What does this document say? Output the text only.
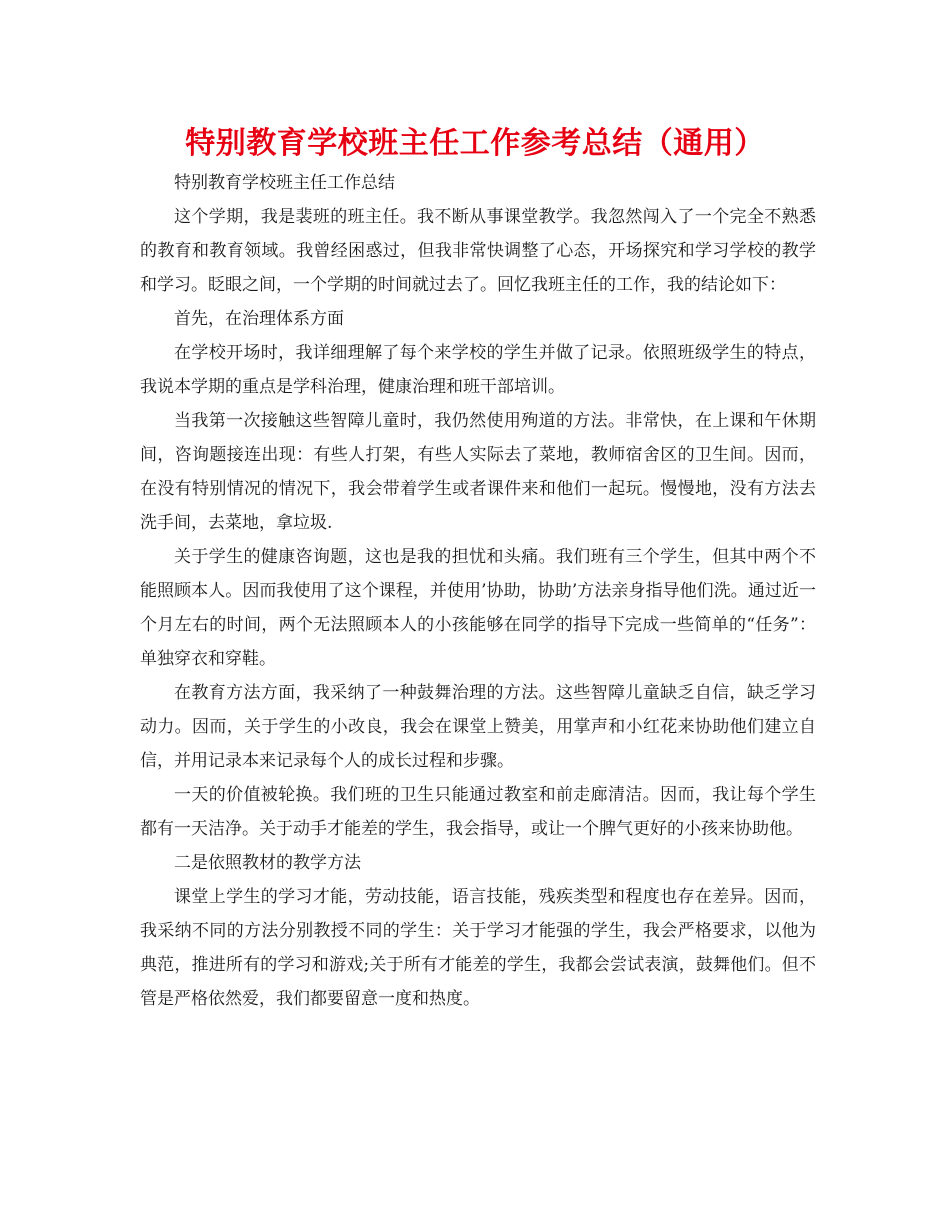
特别教育学校班主任工作参考总结（通用）

特别教育学校班主任工作总结

这个学期，我是裴班的班主任。我不断从事课堂教学。我忽然闯入了一个完全不熟悉的教育和教育领域。我曾经困惑过，但我非常快调整了心态，开场探究和学习学校的教学和学习。眨眼之间，一个学期的时间就过去了。回忆我班主任的工作，我的结论如下：

首先，在治理体系方面

在学校开场时，我详细理解了每个来学校的学生并做了记录。依照班级学生的特点，我说本学期的重点是学科治理，健康治理和班干部培训。

当我第一次接触这些智障儿童时，我仍然使用殉道的方法。非常快，在上课和午休期间，咨询题接连出现：有些人打架，有些人实际去了菜地，教师宿舍区的卫生间。因而，在没有特别情况的情况下，我会带着学生或者课件来和他们一起玩。慢慢地，没有方法去洗手间，去菜地，拿垃圾.

关于学生的健康咨询题，这也是我的担忧和头痛。我们班有三个学生，但其中两个不能照顾本人。因而我使用了这个课程，并使用’协助，协助’方法亲身指导他们洗。通过近一个月左右的时间，两个无法照顾本人的小孩能够在同学的指导下完成一些简单的“任务”：单独穿衣和穿鞋。

在教育方法方面，我采纳了一种鼓舞治理的方法。这些智障儿童缺乏自信，缺乏学习动力。因而，关于学生的小改良，我会在课堂上赞美，用掌声和小红花来协助他们建立自信，并用记录本来记录每个人的成长过程和步骤。

一天的价值被轮换。我们班的卫生只能通过教室和前走廊清洁。因而，我让每个学生都有一天洁净。关于动手才能差的学生，我会指导，或让一个脾气更好的小孩来协助他。

二是依照教材的教学方法

课堂上学生的学习才能，劳动技能，语言技能，残疾类型和程度也存在差异。因而，我采纳不同的方法分别教授不同的学生：关于学习才能强的学生，我会严格要求，以他为典范，推进所有的学习和游戏;关于所有才能差的学生，我都会尝试表演，鼓舞他们。但不管是严格依然爱，我们都要留意一度和热度。
